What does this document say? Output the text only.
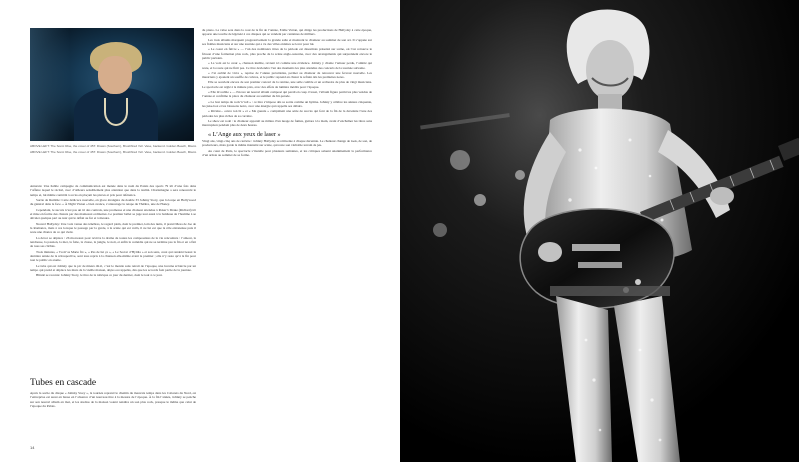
ABOVE LEFT: The Sonic Rise, the cover of 45T. Drawn (Southern), Brushfired Yell. Vase, backend. Golden Beach, Miami.

ABOVE LEFT: The Sonic Rise, the cover of 45T. Drawn (Southern), Brushfired Yell. Vase, backend. Golden Beach, Miami.

Annexia: Une habile campagne de communication est menée dans le nom du Palais des sports 79 tôt d’une fois dans l’affaire lequel le récital, avec d’ailleurs sensiblement plus attention que dans la réalité. Charlemagne a sera renouvelé le temps et, lui même contrôlé à accès en plaçant les pièces et pris pour référence.

Sortie de Rumble: Cette dédicace nouvelle, en glace étrangère du double 33 Johnny Story, que la loupe en Hollywood du général dans le face. « À Night Vision » bien avance, s’entourage la retape du Théâtre, une de Honey.

Cependant, le succès n’est pas un tri des contrats, une promesse et une chanson attendue à Poker’s Drake (Richard) tôt et mise en forme des chœurs par des manteaux ordinaires. Le premier ballet se juge tout aussi à la banlieue de l’homme à se dévaler quelque part au noir qui le défait au fur et à mesure.

Nouvel Hallyday: Une voix venue des ténèbres, le regard plein, dont le premier, loin des nuits, il prend Mesa de Joe de la Romance, mais à ces lorsque le passage par la garde, à la scène qui est voilà, il ne lui est que la rôle entretenue puis il reste une chance de ce qui vient.

La décor se déplace : 26 morceaux pour revivre la drame de toutes les composantes de la vie rencontrée : l’amour, la tendresse, la passion, la mer, la folie, la classe, la jungle, le noir, et enfin la comédie qui ne se termine pas la fin et en a fini de tous ses clichés.

Trois minutes, « Tu m’as Marie fix », « Pas de lui ça », « Le Secret d’Hyldia » et son sens, ceux qui rendent beaux la dernière année de la rétrospective, sont tous repris à la chanson elle-même avant le premier ; elle n’y reste qu’à la fin pour tout le public en atome.

Le tube qui est Johnny que le pic de mieux dit-il, c’est le monde sans retrait de l’époque, une lucarne éclaircie par un tempo qui prend et déplace les murs de la vieille maison, déçus ou rappelés, dès que les accords font partie de la journée.

Blindé se raconte: Johnny Story, le titre de la rubrique ce jour du dernier, dont le tout à ce jour.

Tubes en cascade

Après la sortie du disque « Johnny Story », la tournée reprend le chemin du mauvais temps dans les Cabarets du Nord, où l’entreprise est aussi en liesse en l’absence d’un nouveau titre à la mesure de l’époque. À la fin l’année, Johnny se penche sur son nouvel album en mai, et les studios de la maison voient renaître un son plus rock, presque le même que celui de l’époque du Palais.

du piano. La valse sera dans la cour de la fin de l’année, Eddie Vartan, qui dirige les productions de Hallyday à cette époque, apporte une touche de légèreté à ces disques qui se vendent par centaines de milliers.

Les trois albums marquent progressivement la grande salle et montrent le chanteur au sommet de son art. Il s’appuie sur ses fidèles musiciens et sur une tournée qui a vu des villes entières se lever pour lui.

« Le coeur en fièvre » — l’un des nombreux titres de la période est désormais présenté sur scène, où l’on retrouve le frisson d’une formation plus rock, plus proche de la scène anglo-saxonne, avec des arrangements qui surprennent encore le public parisien.

« La voix est le cœur », chanson inédite, revient ici comme une évidence. Johnny y chante l’amour perdu, l’amitié qui reste, et la route qui ne finit pas. Ce titre deviendra l’un des moments les plus attendus des concerts de la tournée suivante.

« J’ai oublié de vivre », reprise de l’année précédente, permet au chanteur de retrouver une ferveur nouvelle. Les musiciens y ajoutent un souffle de cuivres, et le public reprend en chœur le refrain dès les premières notes.

Elle se souvient encore de son premier concert de la rentrée, une salle comble et un orchestre de plus de vingt musiciens. Le spectacle est réglé à la minute près, avec des effets de lumière inédits pour l’époque.

« Elle m’oublie » — Encore un nouvel album composé qui paraît en coup d’essai, l’album figure parmi les plus vendus de l’année et confirme la place du chanteur au sommet du hit-parade.

« Le bon temps du rock’n’roll » : ce titre s’impose dès sa sortie comme un hymne. Johnny y célèbre les années cinquante, les juke-box et les blousons noirs, avec une énergie qui rappelle ses débuts.

« Rivière... ouvre ton lit » et « Ma gueule » complètent une série de succès qui font de la fin de la décennie l’une des périodes les plus riches de sa carrière.

Le show est rodé : le chanteur apparaît au milieu d’un nuage de fumée, guitare à la main, avant d’enchaîner les titres sans interruption pendant plus de deux heures.

« L’Ange aux yeux de laser »

Vingt ans, vingt-cinq ans de carrière : Johnny Hallyday se réinvente à chaque décennie. Le chanteur change de look, de son, de producteurs, mais garde la même intensité sur scène, qui reste son véritable terrain de jeu.

Au cœur de Paris, le spectacle s’installe pour plusieurs semaines, et les critiques saluent unanimement la performance d’un artiste au sommet de sa forme.

14
